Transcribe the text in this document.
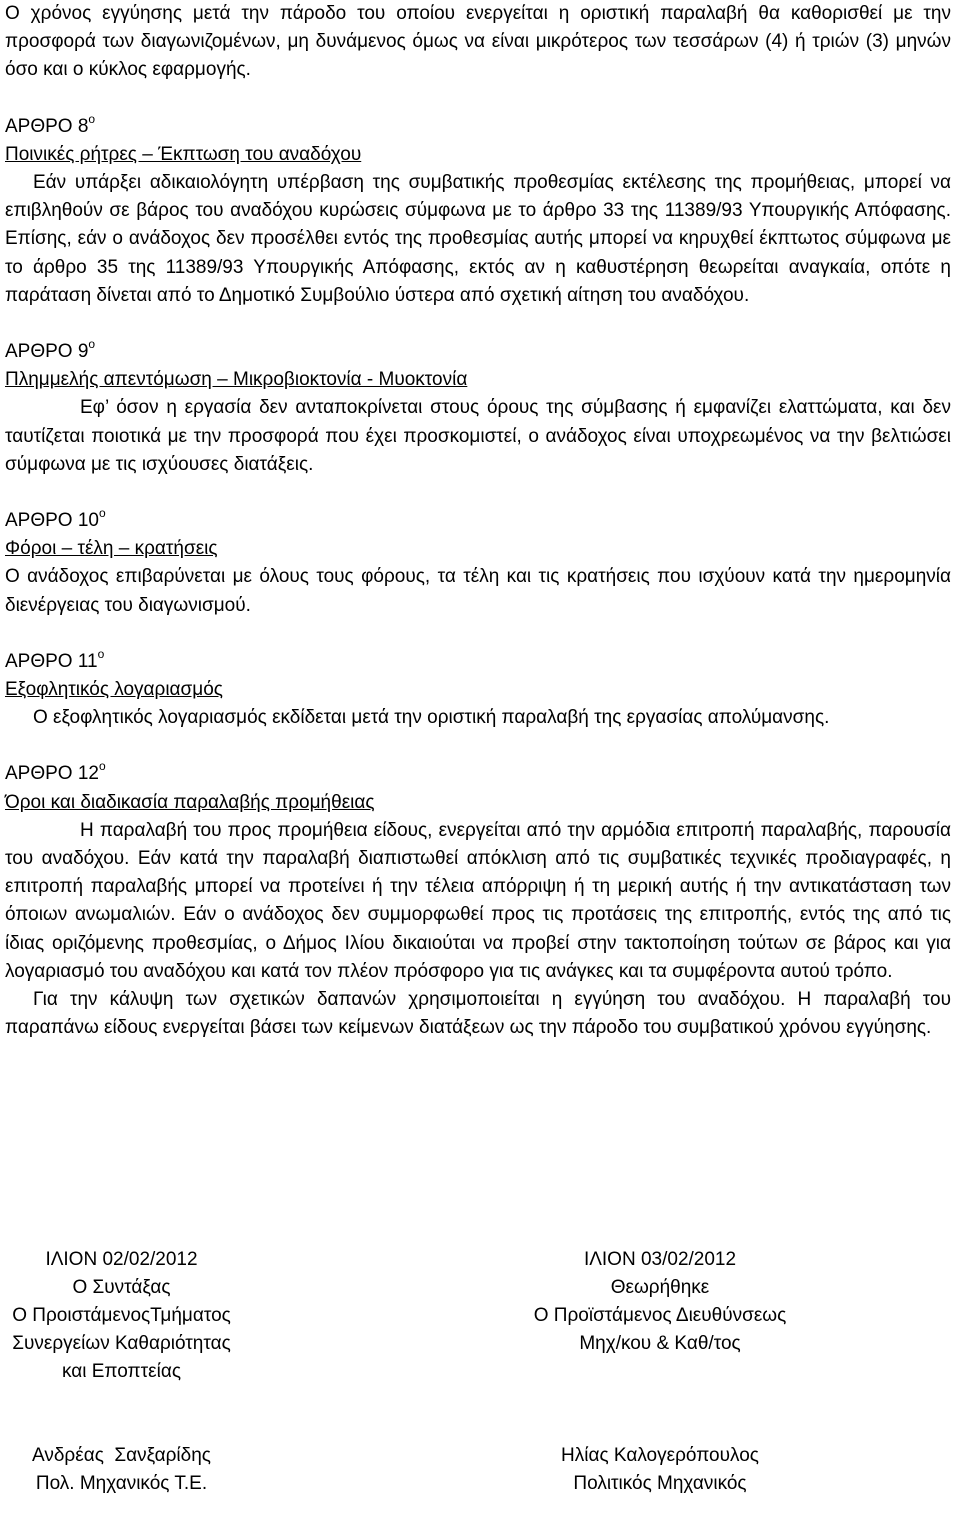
Ο χρόνος εγγύησης μετά την πάροδο του οποίου ενεργείται η οριστική παραλαβή θα καθορισθεί με την προσφορά των διαγωνιζομένων, μη δυνάμενος όμως να είναι μικρότερος των τεσσάρων (4) ή τριών (3) μηνών όσο και ο κύκλος εφαρμογής.

ΑΡΘΡΟ $8^o$

Ποινικές ρήτρες – Έκπτωση του αναδόχου

Εάν υπάρξει αδικαιολόγητη υπέρβαση της συμβατικής προθεσμίας εκτέλεσης της προμήθειας, μπορεί να επιβληθούν σε βάρος του αναδόχου κυρώσεις σύμφωνα με το άρθρο 33 της 11389/93 Υπουργικής Απόφασης. Επίσης, εάν ο ανάδοχος δεν προσέλθει εντός της προθεσμίας αυτής μπορεί να κηρυχθεί έκπτωτος σύμφωνα με το άρθρο 35 της 11389/93 Υπουργικής Απόφασης, εκτός αν η καθυστέρηση θεωρείται αναγκαία, οπότε η παράταση δίνεται από το Δημοτικό Συμβούλιο ύστερα από σχετική αίτηση του αναδόχου.

ΑΡΘΡΟ $9^o$

Πλημμελής απεντόμωση – Μικροβιοκτονία - Μυοκτονία

Εφ’ όσον η εργασία δεν ανταποκρίνεται στους όρους της σύμβασης ή εμφανίζει ελαττώματα, και δεν ταυτίζεται ποιοτικά με την προσφορά που έχει προσκομιστεί, ο ανάδοχος είναι υποχρεωμένος να την βελτιώσει σύμφωνα με τις ισχύουσες διατάξεις.

ΑΡΘΡΟ $10^o$

Φόροι – τέλη – κρατήσεις

Ο ανάδοχος επιβαρύνεται με όλους τους φόρους, τα τέλη και τις κρατήσεις που ισχύουν κατά την ημερομηνία διενέργειας του διαγωνισμού.

ΑΡΘΡΟ $11^o$

Εξοφλητικός λογαριασμός

Ο εξοφλητικός λογαριασμός εκδίδεται μετά την οριστική παραλαβή της εργασίας απολύμανσης.

ΑΡΘΡΟ $12^o$

Όροι και διαδικασία παραλαβής προμήθειας

Η παραλαβή του προς προμήθεια είδους, ενεργείται από την αρμόδια επιτροπή παραλαβής, παρουσία του αναδόχου. Εάν κατά την παραλαβή διαπιστωθεί απόκλιση από τις συμβατικές τεχνικές προδιαγραφές, η επιτροπή παραλαβής μπορεί να προτείνει ή την τέλεια απόρριψη ή τη μερική αυτής ή την αντικατάσταση των όποιων ανωμαλιών. Εάν ο ανάδοχος δεν συμμορφωθεί προς τις προτάσεις της επιτροπής, εντός της από τις ίδιας οριζόμενης προθεσμίας, ο Δήμος Ιλίου δικαιούται να προβεί στην τακτοποίηση τούτων σε βάρος και για λογαριασμό του αναδόχου και κατά τον πλέον πρόσφορο για τις ανάγκες και τα συμφέροντα αυτού τρόπο.

Για την κάλυψη των σχετικών δαπανών χρησιμοποιείται η εγγύηση του αναδόχου. Η παραλαβή του παραπάνω είδους ενεργείται βάσει των κείμενων διατάξεων ως την πάροδο του συμβατικού χρόνου εγγύησης.

ΙΛΙΟΝ 02/02/2012
Ο Συντάξας
Ο ΠροιστάμενοςΤμήματος
Συνεργείων Καθαριότητας
και Εποπτείας
Ανδρέας  Σανξαρίδης
Πολ. Μηχανικός Τ.Ε.
ΙΛΙΟΝ 03/02/2012
Θεωρήθηκε
Ο Προϊστάμενος Διευθύνσεως
Μηχ/κου & Καθ/τος

Ηλίας Καλογερόπουλος
Πολιτικός Μηχανικός
